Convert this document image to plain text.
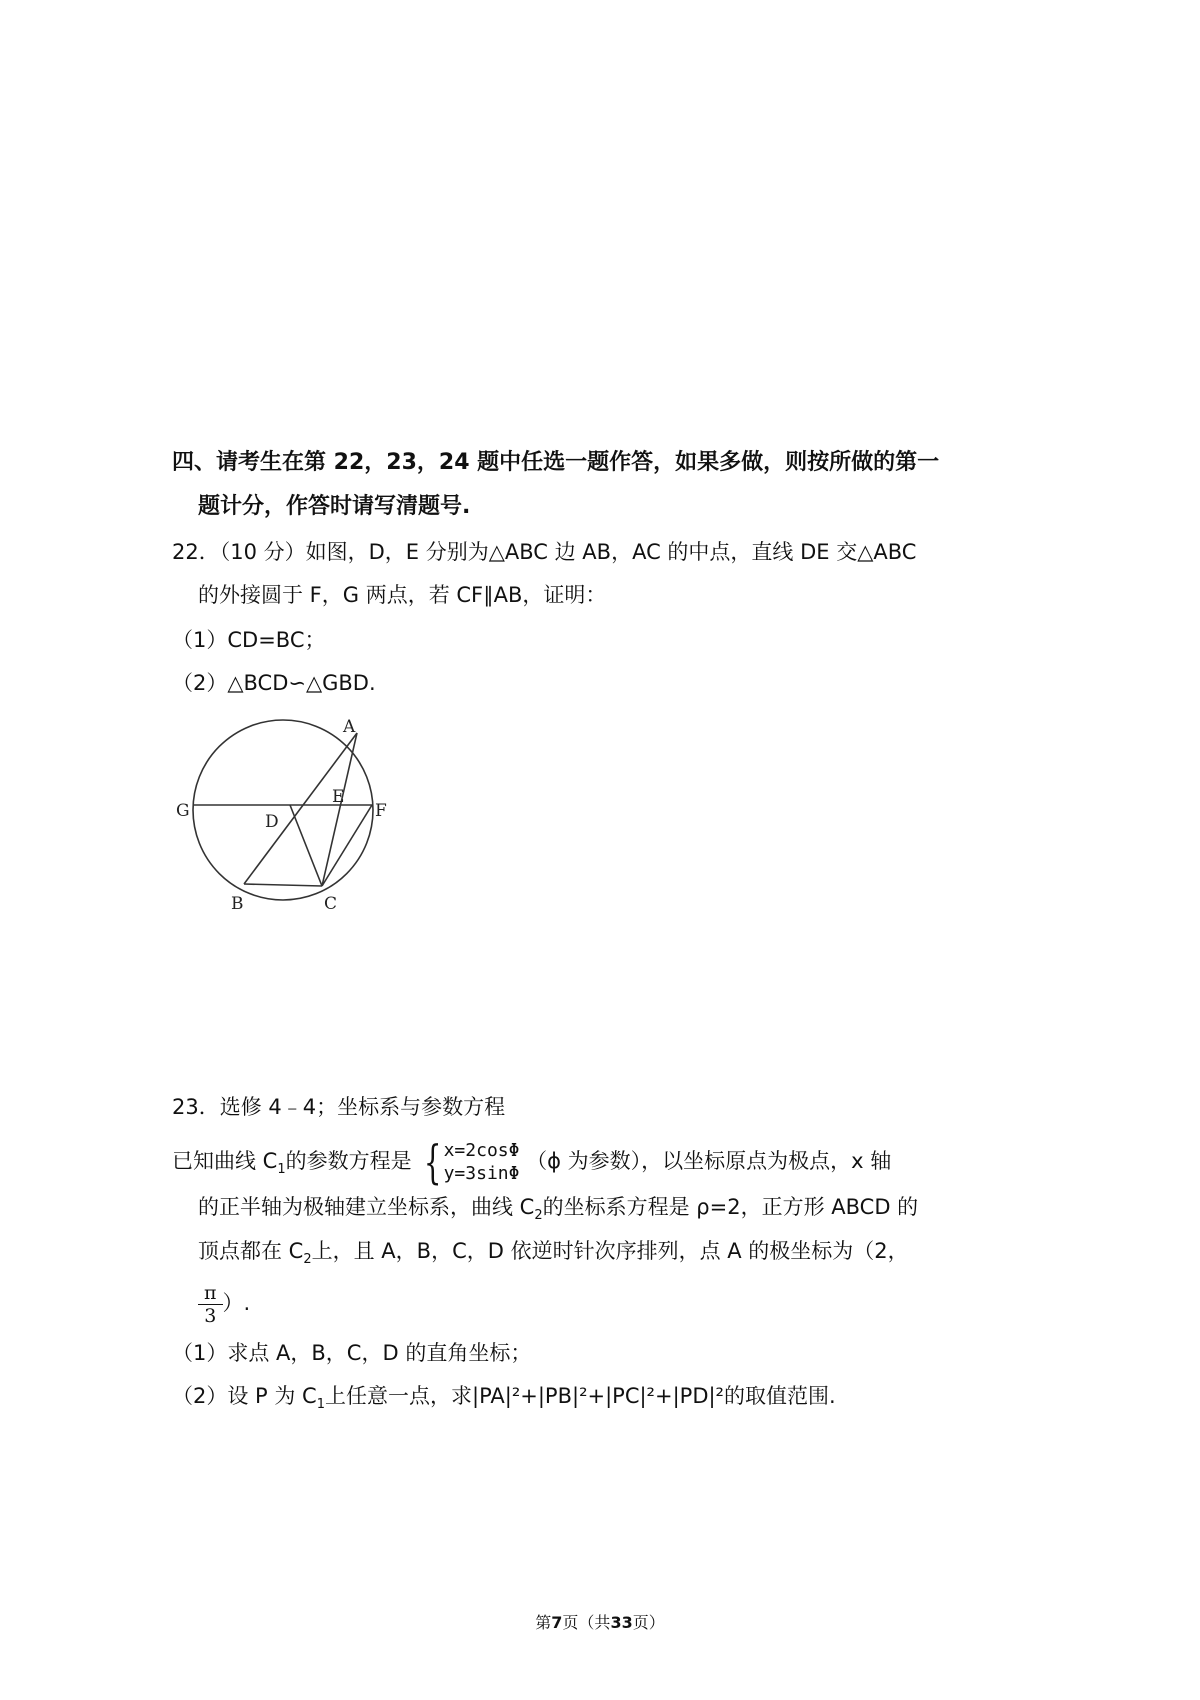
四、请考生在第 22，23，24 题中任选一题作答，如果多做，则按所做的第一
题计分，作答时请写清题号.
22．（10 分）如图，D，E 分别为△ABC 边 AB，AC 的中点，直线 DE 交△ABC
的外接圆于 F，G 两点，若 CF∥AB，证明：
（1）CD=BC；
（2）△BCD∽△GBD.
A
B	C
D
E
F
G
23．选修 4﹣4；坐标系与参数方程
已知曲线 $C_1$的参数方程是 { x=2cosΦ
y=3sinΦ
（ϕ 为参数），以坐标原点为极点，x 轴
的正半轴为极轴建立坐标系，曲线 $C_2$的坐标系方程是 ρ=2，正方形 ABCD 的
顶点都在 $C_2$上，且 A，B，C，D 依逆时针次序排列，点 A 的极坐标为（2，
$\frac{\pi}{3}$ ）.
（1）求点 A，B，C，D 的直角坐标；
（2）设 P 为 $C_1$上任意一点，求|PA|²+|PB|²+|PC|²+|PD|²的取值范围.
第7页（共33页）
